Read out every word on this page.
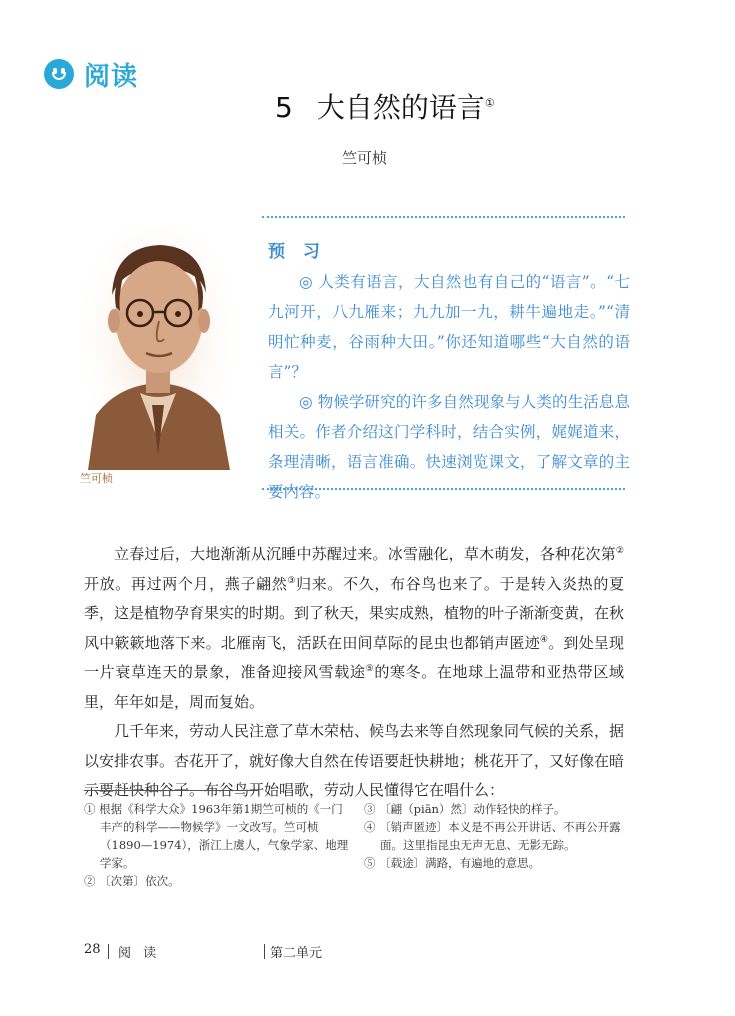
阅读
5 大自然的语言①
竺可桢
竺可桢
预 习

◎ 人类有语言，大自然也有自己的“语言”。“七九河开，八九雁来；九九加一九，耕牛遍地走。”“清明忙种麦，谷雨种大田。”你还知道哪些“大自然的语言”？

◎ 物候学研究的许多自然现象与人类的生活息息相关。作者介绍这门学科时，结合实例，娓娓道来，条理清晰，语言准确。快速浏览课文，了解文章的主要内容。

立春过后，大地渐渐从沉睡中苏醒过来。冰雪融化，草木萌发，各种花次第②开放。再过两个月，燕子翩然③归来。不久，布谷鸟也来了。于是转入炎热的夏季，这是植物孕育果实的时期。到了秋天，果实成熟，植物的叶子渐渐变黄，在秋风中簌簌地落下来。北雁南飞，活跃在田间草际的昆虫也都销声匿迹④。到处呈现一片衰草连天的景象，准备迎接风雪载途⑤的寒冬。在地球上温带和亚热带区域里，年年如是，周而复始。

几千年来，劳动人民注意了草木荣枯、候鸟去来等自然现象同气候的关系，据以安排农事。杏花开了，就好像大自然在传语要赶快耕地；桃花开了，又好像在暗示要赶快种谷子。布谷鸟开始唱歌，劳动人民懂得它在唱什么：

① 根据《科学大众》1963年第1期竺可桢的《一门丰产的科学——物候学》一文改写。竺可桢（1890—1974），浙江上虞人，气象学家、地理学家。
② 〔次第〕依次。
③ 〔翩（piān）然〕动作轻快的样子。
④ 〔销声匿迹〕本义是不再公开讲话、不再公开露面。这里指昆虫无声无息、无影无踪。
⑤ 〔载途〕满路，有遍地的意思。
28 阅 读	第二单元
